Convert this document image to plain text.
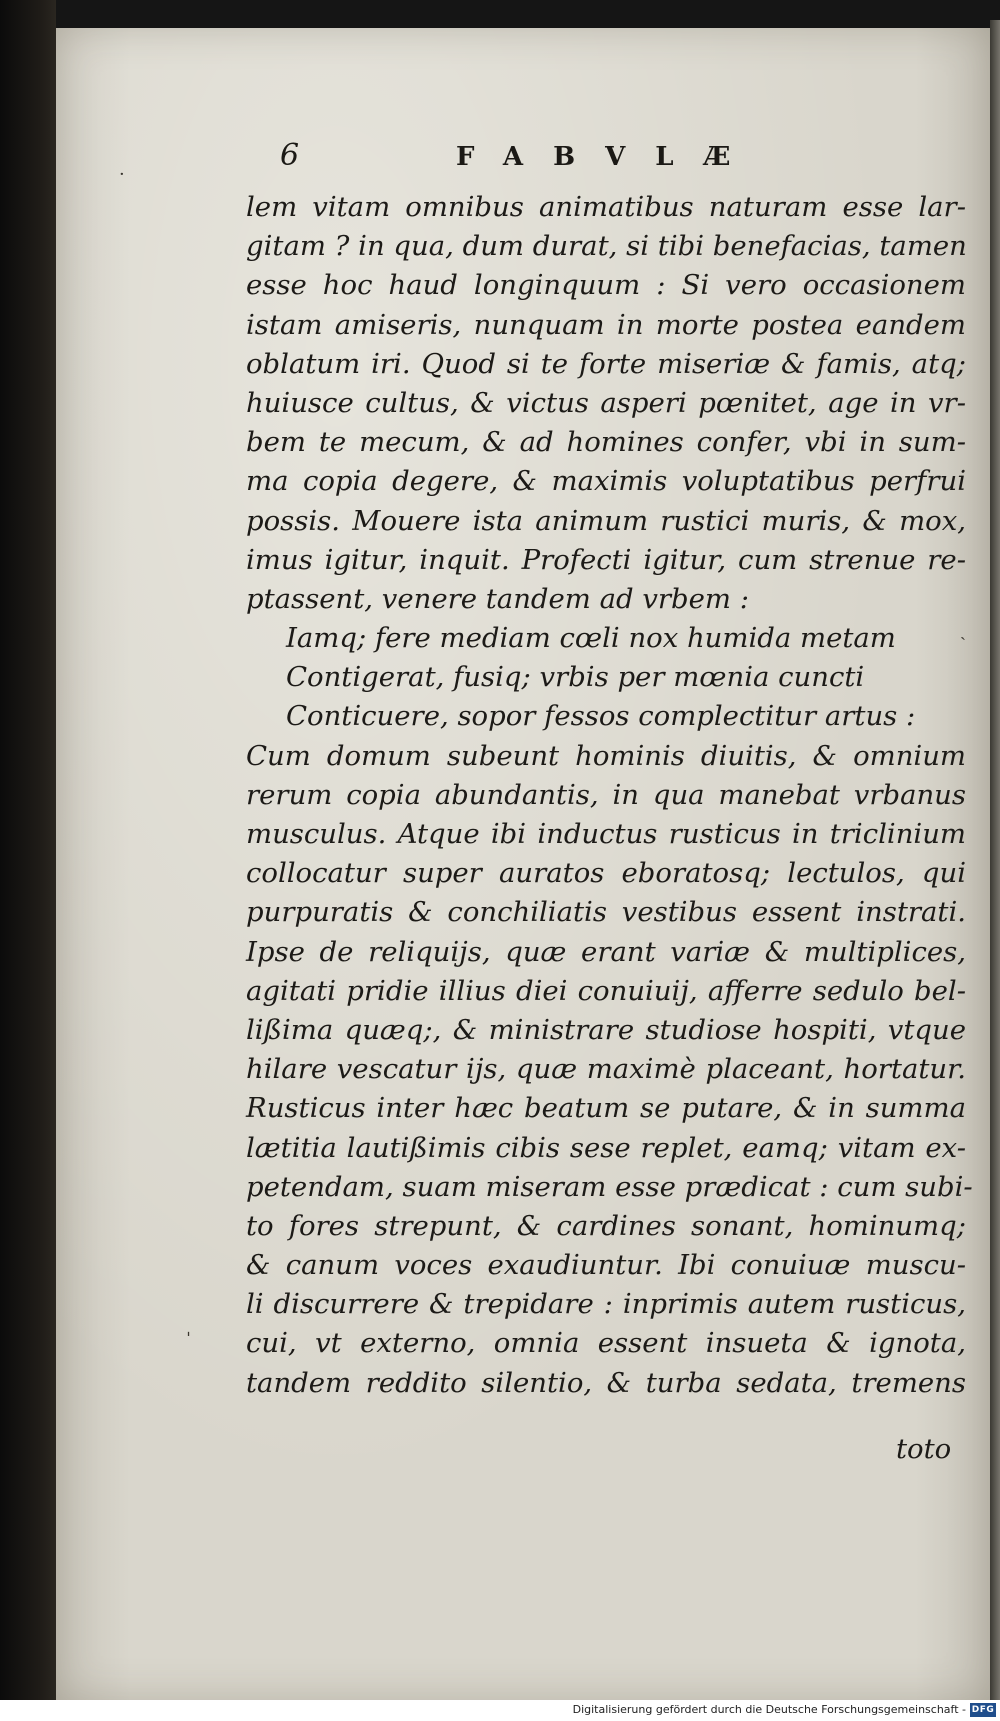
6	FABVLÆ
lem vitam omnibus animatibus naturam esse lar-
gitam ? in qua, dum durat, si tibi benefacias, tamen
esse hoc haud longinquum : Si vero occasionem
istam amiseris, nunquam in morte postea eandem
oblatum iri. Quod si te forte miseriæ & famis, atq;
huiusce cultus, & victus asperi pœnitet, age in vr-
bem te mecum, & ad homines confer, vbi in sum-
ma copia degere, & maximis voluptatibus perfrui
possis. Mouere ista animum rustici muris, & mox,
imus igitur, inquit. Profecti igitur, cum strenue re-
ptassent, venere tandem ad vrbem :
Iamq; fere mediam cœli nox humida metam
Contigerat, fusiq; vrbis per mœnia cuncti
Conticuere, sopor fessos complectitur artus :
Cum domum subeunt hominis diuitis, & omnium
rerum copia abundantis, in qua manebat vrbanus
musculus. Atque ibi inductus rusticus in triclinium
collocatur super auratos eboratosq; lectulos, qui
purpuratis & conchiliatis vestibus essent instrati.
Ipse de reliquijs, quæ erant variæ & multiplices,
agitati pridie illius diei conuiuij, afferre sedulo bel-
lißima quæq;, & ministrare studiose hospiti, vtque
hilare vescatur ijs, quæ maximè placeant, hortatur.
Rusticus inter hæc beatum se putare, & in summa
lætitia lautißimis cibis sese replet, eamq; vitam ex-
petendam, suam miseram esse prædicat : cum subi-
to fores strepunt, & cardines sonant, hominumq;
& canum voces exaudiuntur. Ibi conuiuæ muscu-
li discurrere & trepidare : inprimis autem rusticus,
cui, vt externo, omnia essent insueta & ignota,
tandem reddito silentio, & turba sedata, tremens
toto
·
ˎ
ˌ
Digitalisierung gefördert durch die Deutsche Forschungsgemeinschaft - DFG
